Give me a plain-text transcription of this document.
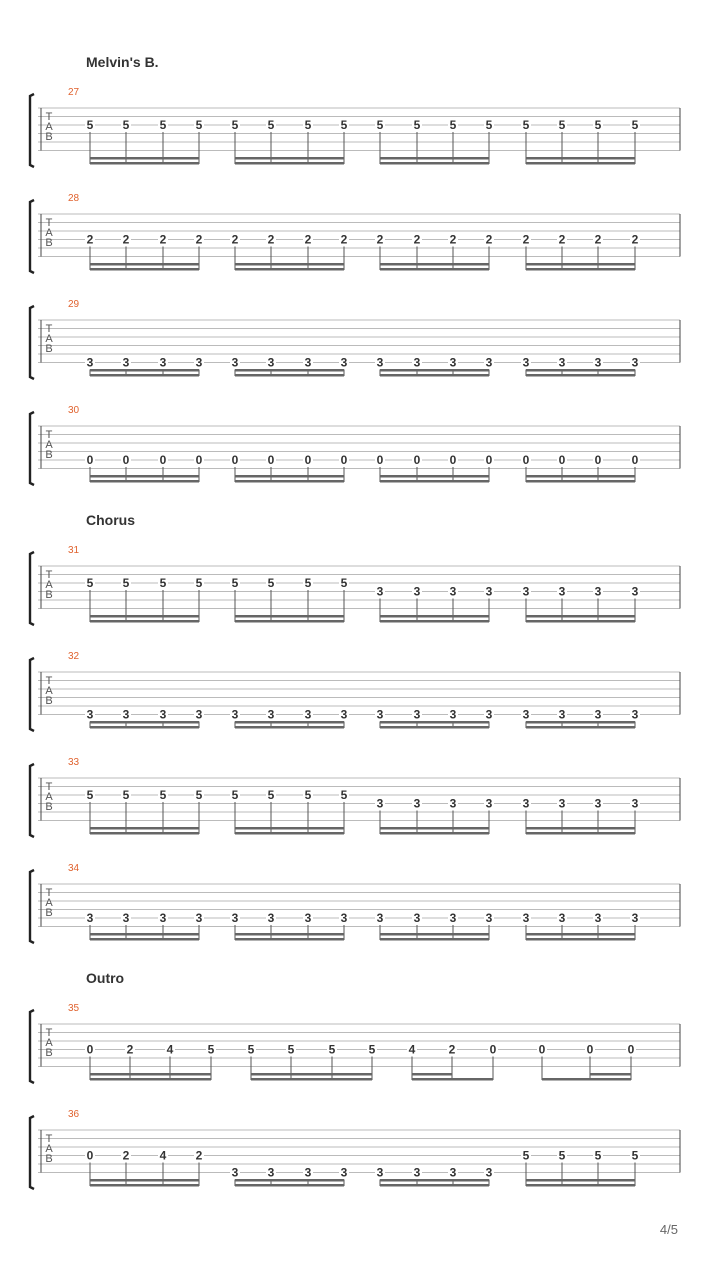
Melvin's B.
Chorus
Outro
T
A
B
27
5 5	5 5 5 5	5 5 5	5 5 5	5 5 5	5
T
A
B
28
2 2	2 2 2 2	2 2 2	2 2 2	2 2 2	2
T
A
B
29
3 3	3 3 3 3	3 3 3	3 3 3	3 3 3	3
T
A
B
30
0 0	0 0 0 0	0 0 0	0 0 0	0 0 0	0
T
A
B
31
5 5	5 5 5 5	5 5
3	3 3 3	3 3 3	3
T
A
B
32
3 3	3 3 3 3	3 3 3	3 3 3	3 3 3	3
T
A
B
33
5 5	5 5 5 5	5 5
3	3 3 3	3 3 3	3
T
A
B
34
3 3	3 3 3 3	3 3 3	3 3 3	3 3 3	3
T
A
B
35
0	2	4	5	5	5	5	5	4	2	0	0	0	0
T
A
B
36
0 2	4 2
3 3	3 3 3	3 3 3
5 5 5	5
4/5
